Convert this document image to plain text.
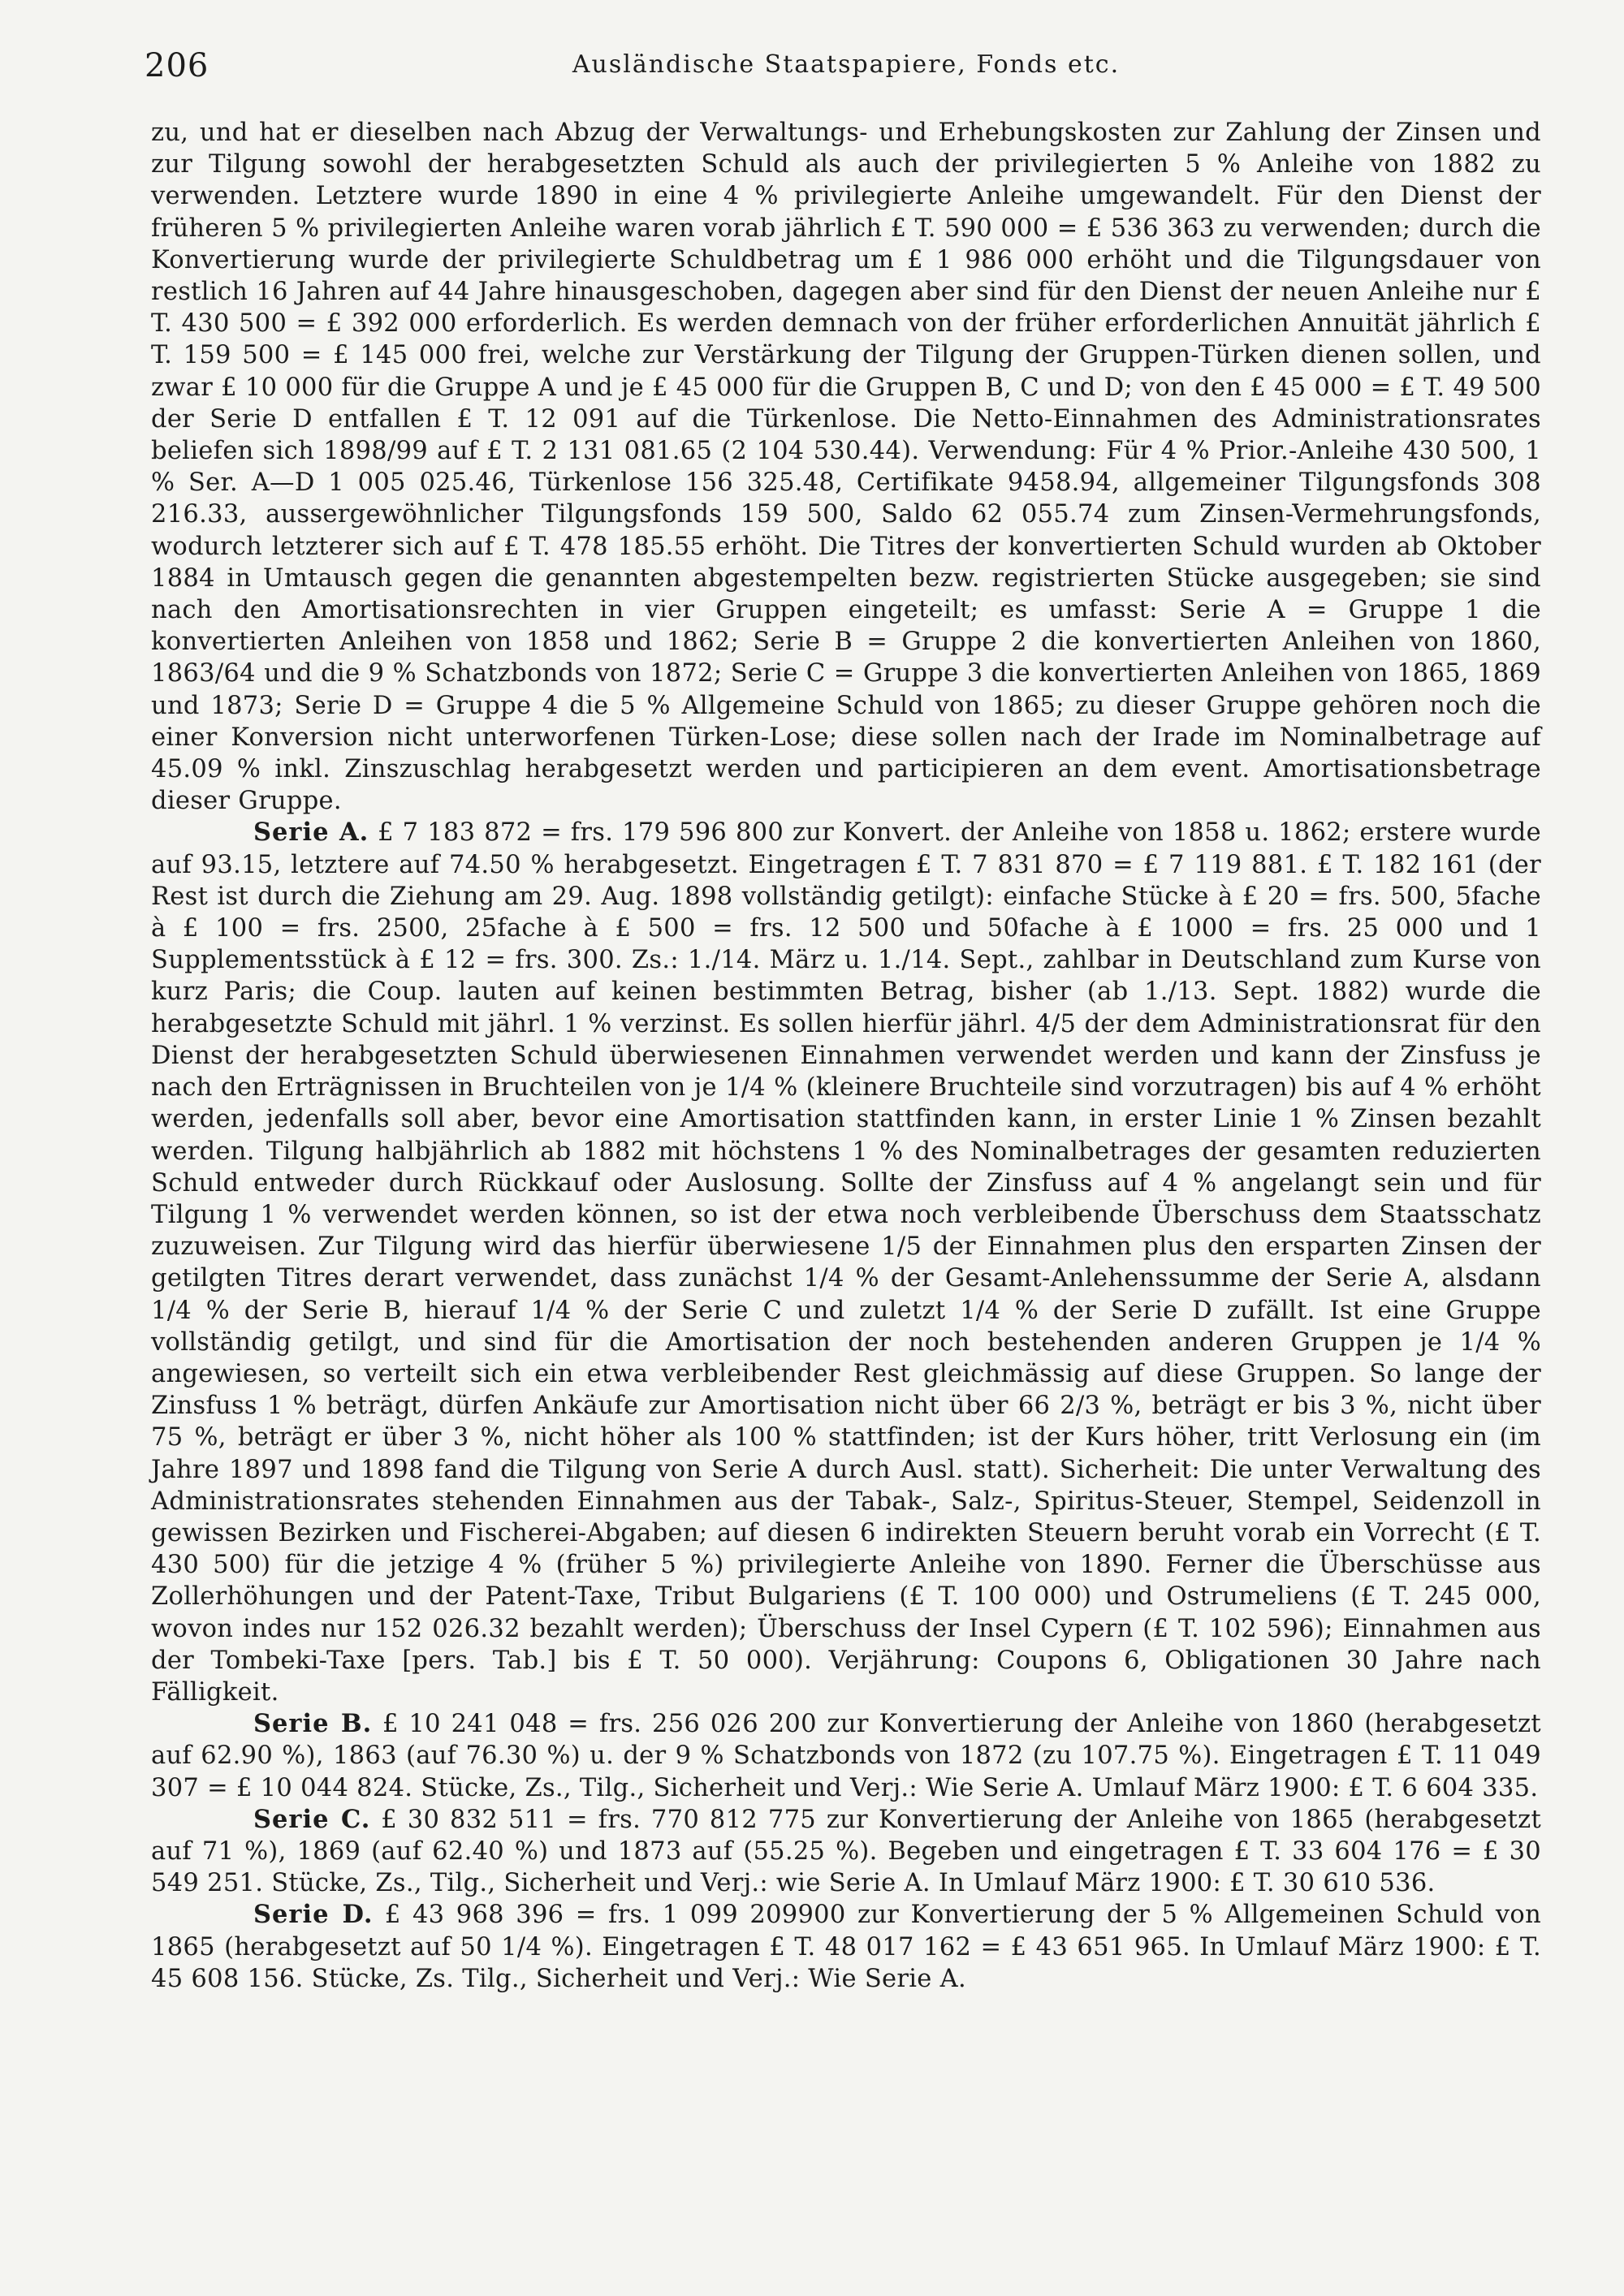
206	Ausländische Staatspapiere, Fonds etc.

zu, und hat er dieselben nach Abzug der Verwaltungs- und Erhebungskosten zur Zahlung der Zinsen und zur Tilgung sowohl der herabgesetzten Schuld als auch der privilegierten 5 % Anleihe von 1882 zu verwenden. Letztere wurde 1890 in eine 4 % privilegierte Anleihe umgewandelt. Für den Dienst der früheren 5 % privilegierten Anleihe waren vorab jährlich £ T. 590 000 = £ 536 363 zu verwenden; durch die Konvertierung wurde der privilegierte Schuldbetrag um £ 1 986 000 erhöht und die Tilgungsdauer von restlich 16 Jahren auf 44 Jahre hinausgeschoben, dagegen aber sind für den Dienst der neuen Anleihe nur £ T. 430 500 = £ 392 000 erforderlich. Es werden demnach von der früher erforderlichen Annuität jährlich £ T. 159 500 = £ 145 000 frei, welche zur Verstärkung der Tilgung der Gruppen-Türken dienen sollen, und zwar £ 10 000 für die Gruppe A und je £ 45 000 für die Gruppen B, C und D; von den £ 45 000 = £ T. 49 500 der Serie D entfallen £ T. 12 091 auf die Türkenlose. Die Netto-Einnahmen des Administrationsrates beliefen sich 1898/99 auf £ T. 2 131 081.65 (2 104 530.44). Verwendung: Für 4 % Prior.-Anleihe 430 500, 1 % Ser. A—D 1 005 025.46, Türkenlose 156 325.48, Certifikate 9458.94, allgemeiner Tilgungsfonds 308 216.33, aussergewöhnlicher Tilgungsfonds 159 500, Saldo 62 055.74 zum Zinsen-Vermehrungsfonds, wodurch letzterer sich auf £ T. 478 185.55 erhöht. Die Titres der konvertierten Schuld wurden ab Oktober 1884 in Umtausch gegen die genannten abgestempelten bezw. registrierten Stücke ausgegeben; sie sind nach den Amortisationsrechten in vier Gruppen eingeteilt; es umfasst: Serie A = Gruppe 1 die konvertierten Anleihen von 1858 und 1862; Serie B = Gruppe 2 die konvertierten Anleihen von 1860, 1863/64 und die 9 % Schatzbonds von 1872; Serie C = Gruppe 3 die konvertierten Anleihen von 1865, 1869 und 1873; Serie D = Gruppe 4 die 5 % Allgemeine Schuld von 1865; zu dieser Gruppe gehören noch die einer Konversion nicht unterworfenen Türken-Lose; diese sollen nach der Irade im Nominalbetrage auf 45.09 % inkl. Zinszuschlag herabgesetzt werden und participieren an dem event. Amortisationsbetrage dieser Gruppe.

Serie A. £ 7 183 872 = frs. 179 596 800 zur Konvert. der Anleihe von 1858 u. 1862; erstere wurde auf 93.15, letztere auf 74.50 % herabgesetzt. Eingetragen £ T. 7 831 870 = £ 7 119 881. £ T. 182 161 (der Rest ist durch die Ziehung am 29. Aug. 1898 vollständig getilgt): einfache Stücke à £ 20 = frs. 500, 5fache à £ 100 = frs. 2500, 25fache à £ 500 = frs. 12 500 und 50fache à £ 1000 = frs. 25 000 und 1 Supplementsstück à £ 12 = frs. 300. Zs.: 1./14. März u. 1./14. Sept., zahlbar in Deutschland zum Kurse von kurz Paris; die Coup. lauten auf keinen bestimmten Betrag, bisher (ab 1./13. Sept. 1882) wurde die herabgesetzte Schuld mit jährl. 1 % verzinst. Es sollen hierfür jährl. 4/5 der dem Administrationsrat für den Dienst der herabgesetzten Schuld überwiesenen Einnahmen verwendet werden und kann der Zinsfuss je nach den Erträgnissen in Bruchteilen von je 1/4 % (kleinere Bruchteile sind vorzutragen) bis auf 4 % erhöht werden, jedenfalls soll aber, bevor eine Amortisation stattfinden kann, in erster Linie 1 % Zinsen bezahlt werden. Tilgung halbjährlich ab 1882 mit höchstens 1 % des Nominalbetrages der gesamten reduzierten Schuld entweder durch Rückkauf oder Auslosung. Sollte der Zinsfuss auf 4 % angelangt sein und für Tilgung 1 % verwendet werden können, so ist der etwa noch verbleibende Überschuss dem Staatsschatz zuzuweisen. Zur Tilgung wird das hierfür überwiesene 1/5 der Einnahmen plus den ersparten Zinsen der getilgten Titres derart verwendet, dass zunächst 1/4 % der Gesamt-Anlehenssumme der Serie A, alsdann 1/4 % der Serie B, hierauf 1/4 % der Serie C und zuletzt 1/4 % der Serie D zufällt. Ist eine Gruppe vollständig getilgt, und sind für die Amortisation der noch bestehenden anderen Gruppen je 1/4 % angewiesen, so verteilt sich ein etwa verbleibender Rest gleichmässig auf diese Gruppen. So lange der Zinsfuss 1 % beträgt, dürfen Ankäufe zur Amortisation nicht über 66 2/3 %, beträgt er bis 3 %, nicht über 75 %, beträgt er über 3 %, nicht höher als 100 % stattfinden; ist der Kurs höher, tritt Verlosung ein (im Jahre 1897 und 1898 fand die Tilgung von Serie A durch Ausl. statt). Sicherheit: Die unter Verwaltung des Administrationsrates stehenden Einnahmen aus der Tabak-, Salz-, Spiritus-Steuer, Stempel, Seidenzoll in gewissen Bezirken und Fischerei-Abgaben; auf diesen 6 indirekten Steuern beruht vorab ein Vorrecht (£ T. 430 500) für die jetzige 4 % (früher 5 %) privilegierte Anleihe von 1890. Ferner die Überschüsse aus Zollerhöhungen und der Patent-Taxe, Tribut Bulgariens (£ T. 100 000) und Ostrumeliens (£ T. 245 000, wovon indes nur 152 026.32 bezahlt werden); Überschuss der Insel Cypern (£ T. 102 596); Einnahmen aus der Tombeki-Taxe [pers. Tab.] bis £ T. 50 000). Verjährung: Coupons 6, Obligationen 30 Jahre nach Fälligkeit.

Serie B. £ 10 241 048 = frs. 256 026 200 zur Konvertierung der Anleihe von 1860 (herabgesetzt auf 62.90 %), 1863 (auf 76.30 %) u. der 9 % Schatzbonds von 1872 (zu 107.75 %). Eingetragen £ T. 11 049 307 = £ 10 044 824. Stücke, Zs., Tilg., Sicherheit und Verj.: Wie Serie A. Umlauf März 1900: £ T. 6 604 335.

Serie C. £ 30 832 511 = frs. 770 812 775 zur Konvertierung der Anleihe von 1865 (herabgesetzt auf 71 %), 1869 (auf 62.40 %) und 1873 auf (55.25 %). Begeben und eingetragen £ T. 33 604 176 = £ 30 549 251. Stücke, Zs., Tilg., Sicherheit und Verj.: wie Serie A. In Umlauf März 1900: £ T. 30 610 536.

Serie D. £ 43 968 396 = frs. 1 099 209900 zur Konvertierung der 5 % Allgemeinen Schuld von 1865 (herabgesetzt auf 50 1/4 %). Eingetragen £ T. 48 017 162 = £ 43 651 965. In Umlauf März 1900: £ T. 45 608 156. Stücke, Zs. Tilg., Sicherheit und Verj.: Wie Serie A.
